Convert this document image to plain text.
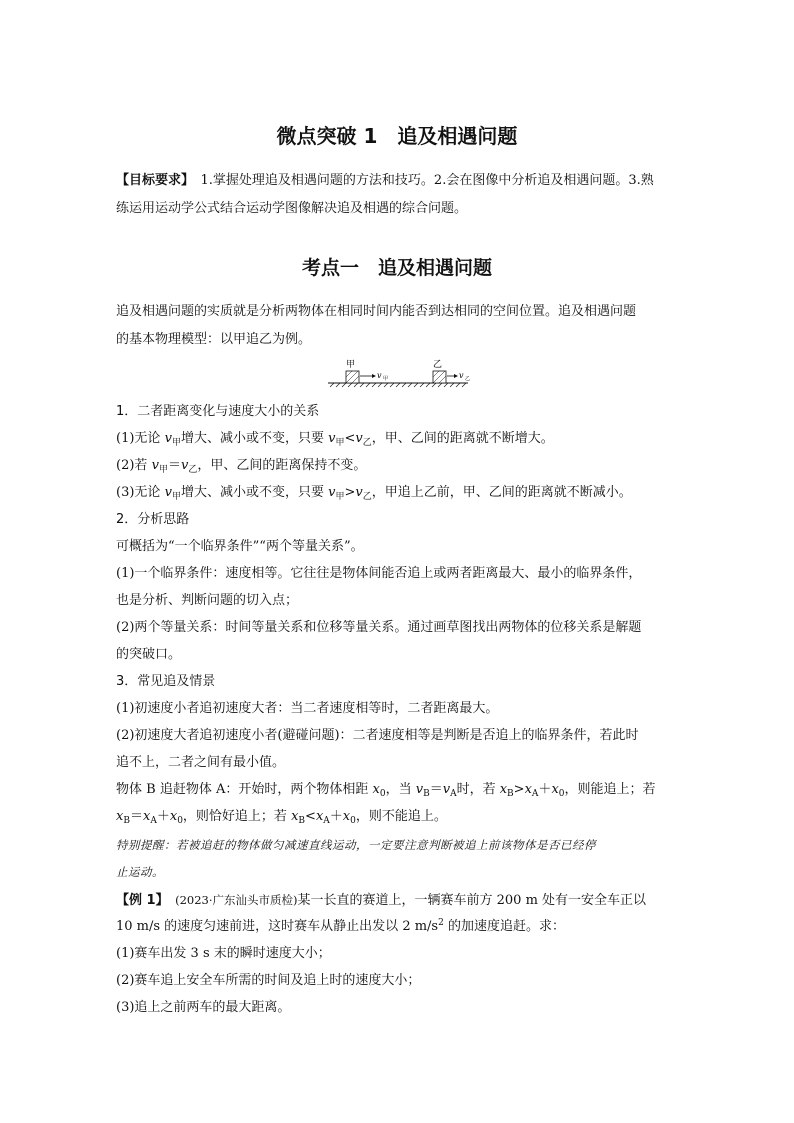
微点突破 1　追及相遇问题
【目标要求】　 1.掌握处理追及相遇问题的方法和技巧。2.会在图像中分析追及相遇问题。3.熟
练运用运动学公式结合运动学图像解决追及相遇的综合问题。
考点一　追及相遇问题
追及相遇问题的实质就是分析两物体在相同时间内能否到达相同的空间位置。追及相遇问题
的基本物理模型：以甲追乙为例。
甲
v 甲
乙
v 乙
1．二者距离变化与速度大小的关系
(1)无论 $v_甲$增大、减小或不变，只要 $v_甲<v_乙$，甲、乙间的距离就不断增大。
(2)若 $v_甲=v_乙$，甲、乙间的距离保持不变。
(3)无论 $v_甲$增大、减小或不变，只要 $v_甲>v_乙$，甲追上乙前，甲、乙间的距离就不断减小。
2．分析思路
可概括为“一个临界条件”“两个等量关系”。
(1)一个临界条件：速度相等。它往往是物体间能否追上或两者距离最大、最小的临界条件，
也是分析、判断问题的切入点；
(2)两个等量关系：时间等量关系和位移等量关系。通过画草图找出两物体的位移关系是解题
的突破口。
3．常见追及情景
(1)初速度小者追初速度大者：当二者速度相等时，二者距离最大。
(2)初速度大者追初速度小者(避碰问题)：二者速度相等是判断是否追上的临界条件，若此时
追不上，二者之间有最小值。
物体 B 追赶物体 A：开始时，两个物体相距 $x_0$，当 $v_B=v_A$时，若 $x_B>x_A+x_0$，则能追上；若
$x_B=x_A+x_0$，则恰好追上；若 $x_B<x_A+x_0$，则不能追上。
特别提醒：若被追赶的物体做匀减速直线运动，一定要注意判断被追上前该物体是否已经停
止运动。
【例 1】　 (2023·广东汕头市质检)某一长直的赛道上，一辆赛车前方 200 m 处有一安全车正以
10 m/s 的速度匀速前进，这时赛车从静止出发以 2 $m/s^2$ 的加速度追赶。求：
(1)赛车出发 3 s 末的瞬时速度大小；
(2)赛车追上安全车所需的时间及追上时的速度大小；
(3)追上之前两车的最大距离。
